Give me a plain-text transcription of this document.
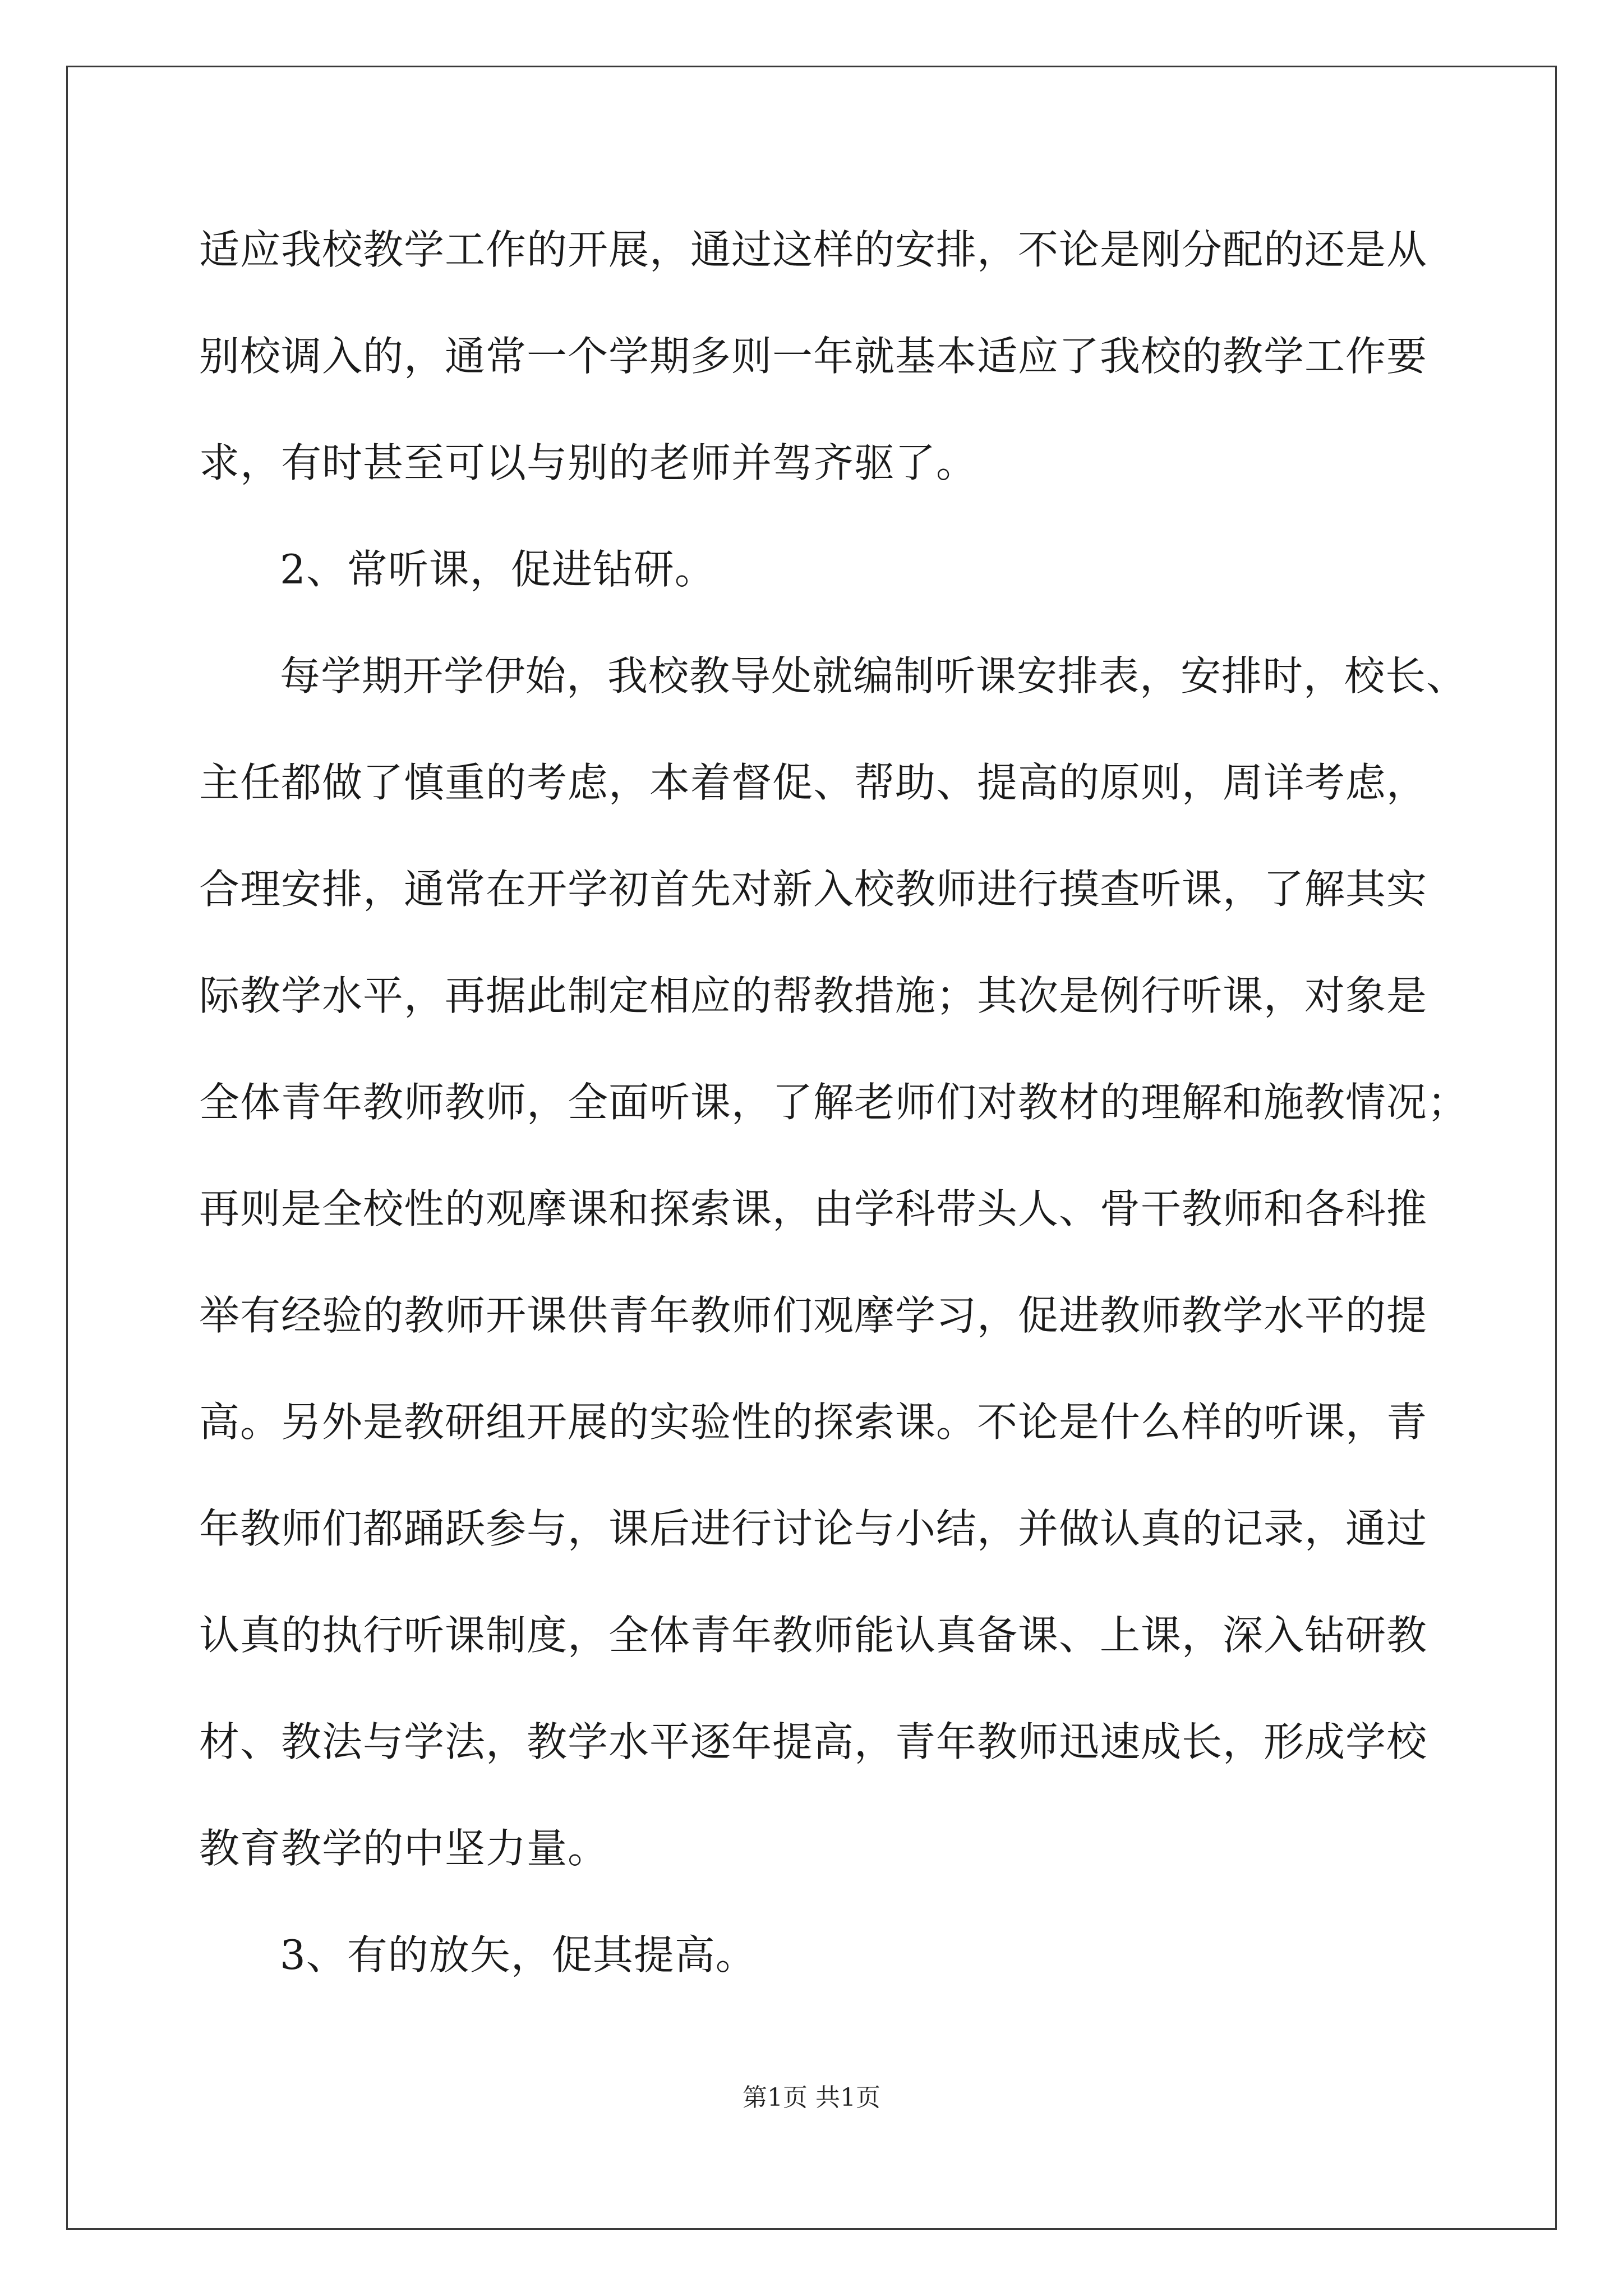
适应我校教学工作的开展，通过这样的安排，不论是刚分配的还是从
别校调入的，通常一个学期多则一年就基本适应了我校的教学工作要
求，有时甚至可以与别的老师并驾齐驱了。
2、常听课，促进钻研。
每学期开学伊始，我校教导处就编制听课安排表，安排时，校长、
主任都做了慎重的考虑，本着督促、帮助、提高的原则，周详考虑，
合理安排，通常在开学初首先对新入校教师进行摸查听课，了解其实
际教学水平，再据此制定相应的帮教措施；其次是例行听课，对象是
全体青年教师教师，全面听课，了解老师们对教材的理解和施教情况；
再则是全校性的观摩课和探索课，由学科带头人、骨干教师和各科推
举有经验的教师开课供青年教师们观摩学习，促进教师教学水平的提
高。另外是教研组开展的实验性的探索课。不论是什么样的听课，青
年教师们都踊跃参与，课后进行讨论与小结，并做认真的记录，通过
认真的执行听课制度，全体青年教师能认真备课、上课，深入钻研教
材、教法与学法，教学水平逐年提高，青年教师迅速成长，形成学校
教育教学的中坚力量。
3、有的放矢，促其提高。
第1页 共1页
